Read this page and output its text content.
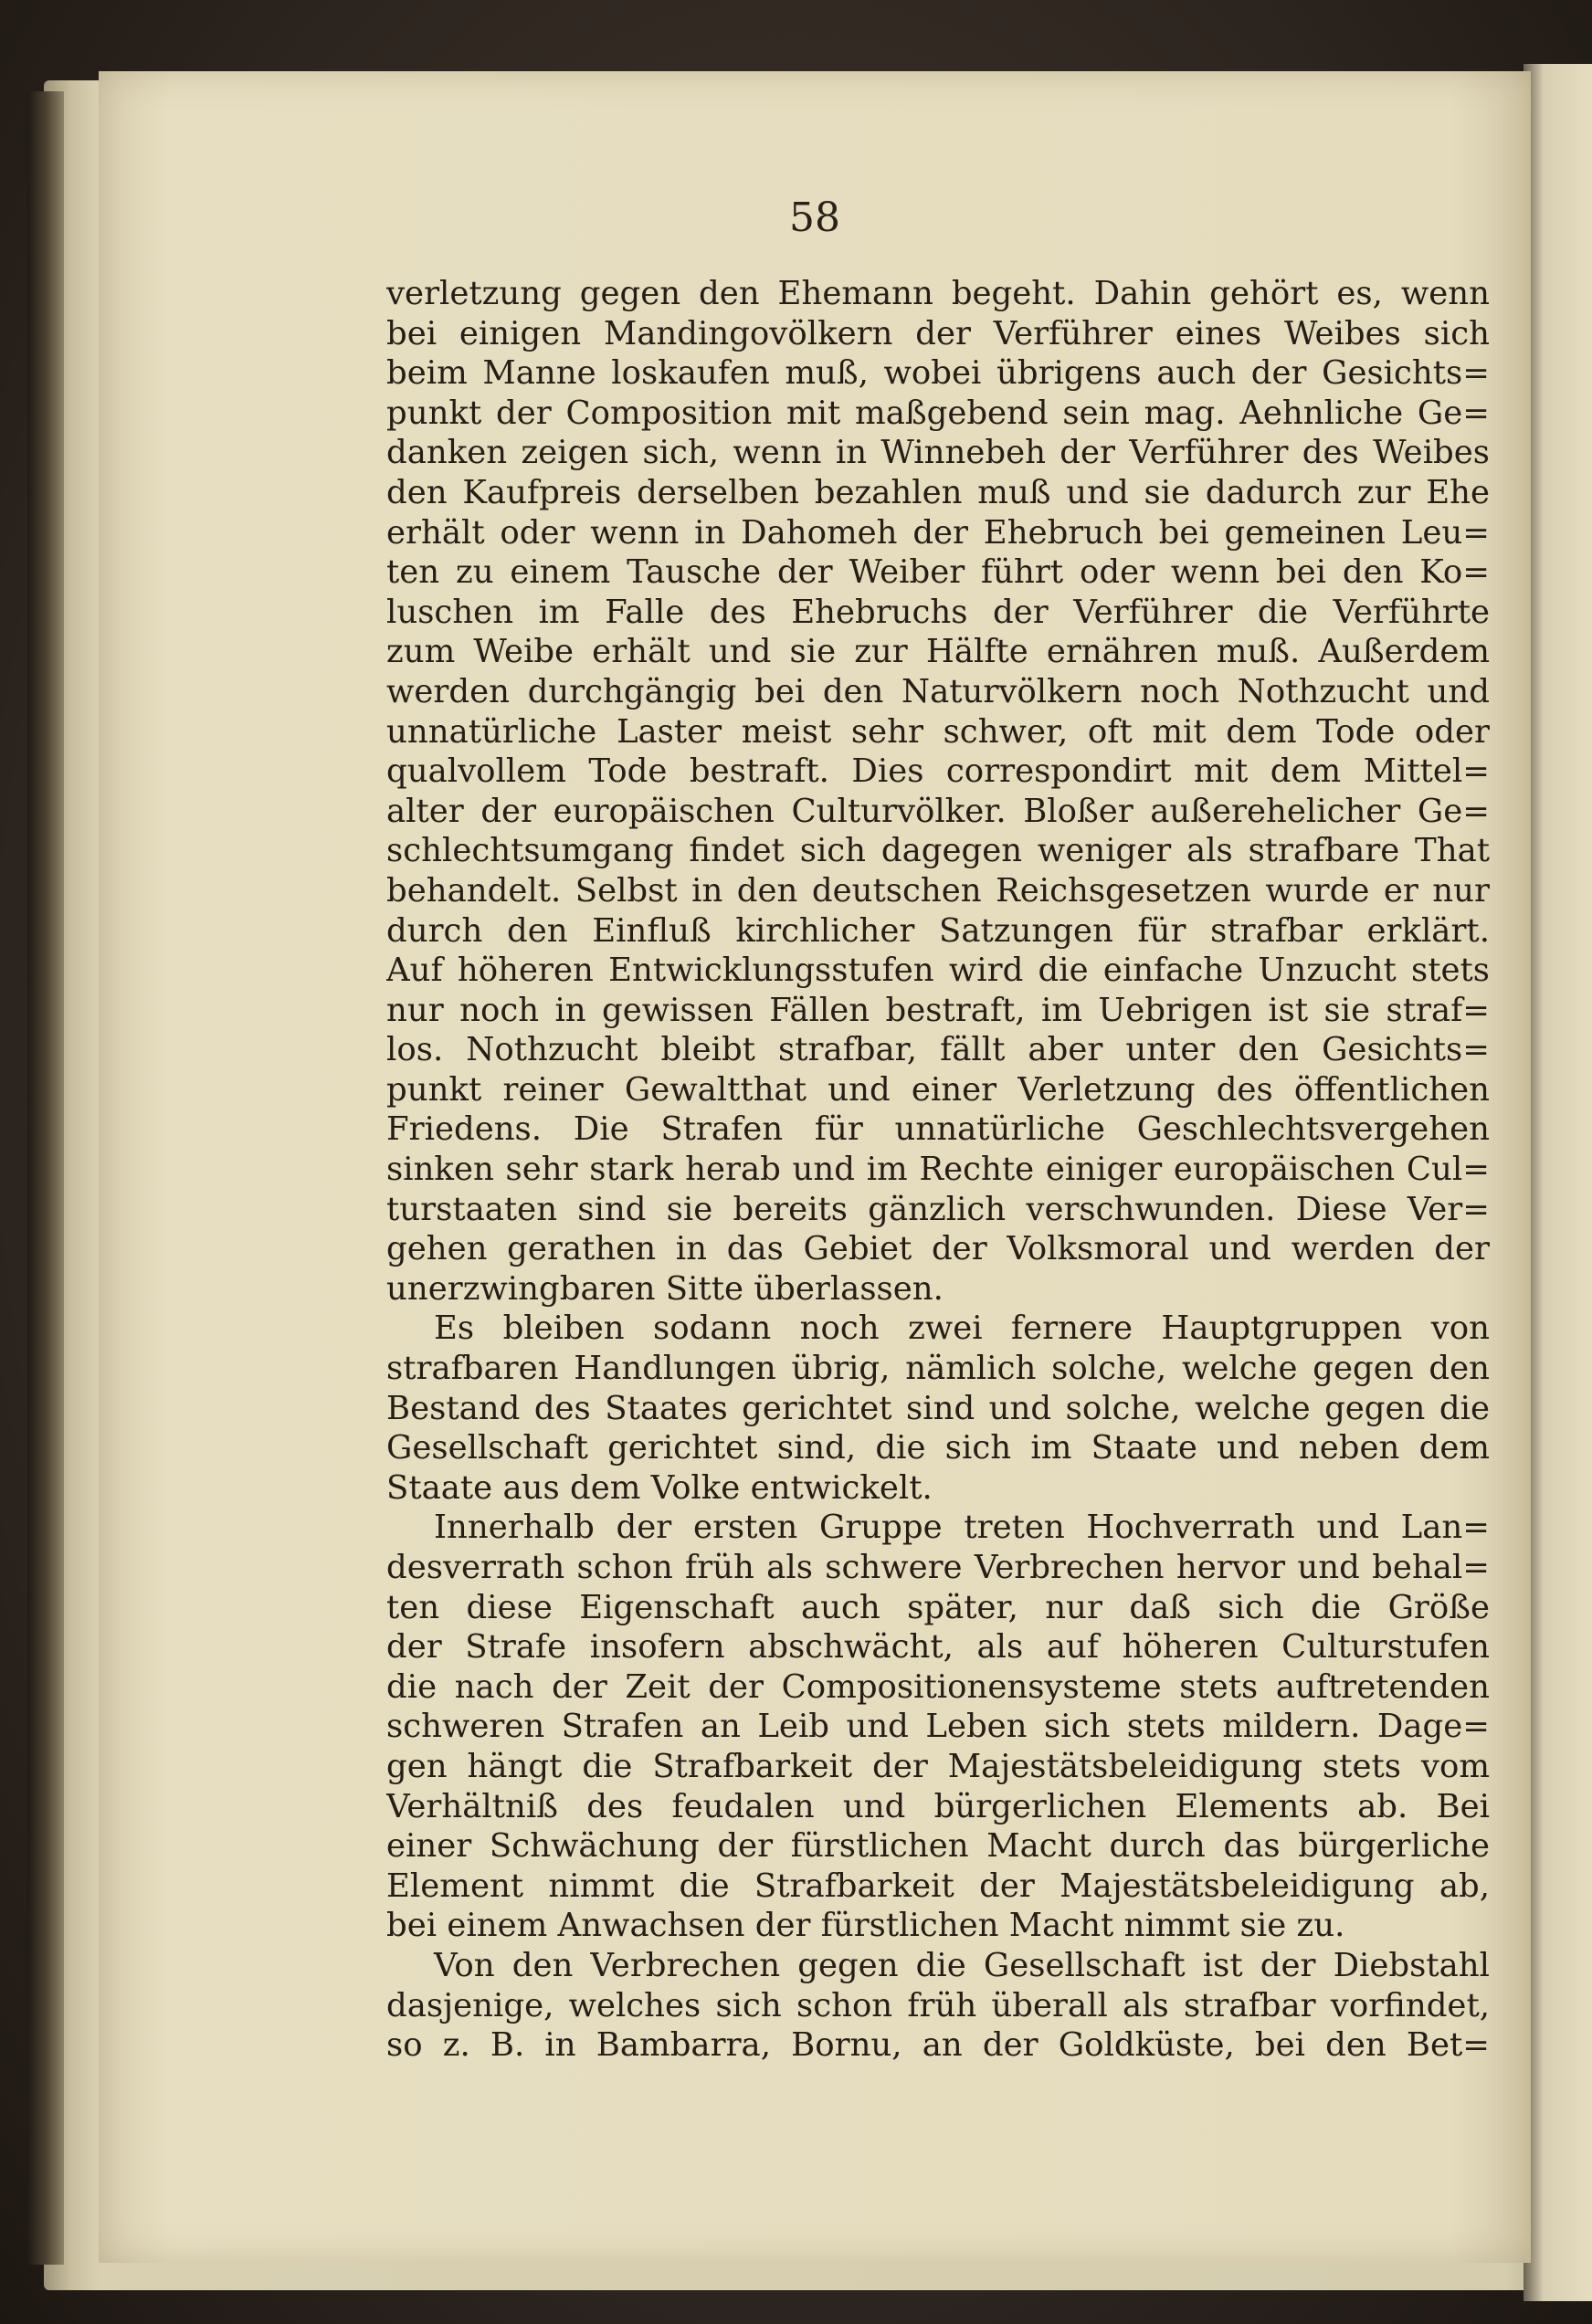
58
verletzung gegen den Ehemann begeht. Dahin gehört es, wenn
bei einigen Mandingovölkern der Verführer eines Weibes sich
beim Manne loskaufen muß, wobei übrigens auch der Gesichts=
punkt der Composition mit maßgebend sein mag. Aehnliche Ge=
danken zeigen sich, wenn in Winnebeh der Verführer des Weibes
den Kaufpreis derselben bezahlen muß und sie dadurch zur Ehe
erhält oder wenn in Dahomeh der Ehebruch bei gemeinen Leu=
ten zu einem Tausche der Weiber führt oder wenn bei den Ko=
luschen im Falle des Ehebruchs der Verführer die Verführte
zum Weibe erhält und sie zur Hälfte ernähren muß. Außerdem
werden durchgängig bei den Naturvölkern noch Nothzucht und
unnatürliche Laster meist sehr schwer, oft mit dem Tode oder
qualvollem Tode bestraft. Dies correspondirt mit dem Mittel=
alter der europäischen Culturvölker. Bloßer außerehelicher Ge=
schlechtsumgang findet sich dagegen weniger als strafbare That
behandelt. Selbst in den deutschen Reichsgesetzen wurde er nur
durch den Einfluß kirchlicher Satzungen für strafbar erklärt.
Auf höheren Entwicklungsstufen wird die einfache Unzucht stets
nur noch in gewissen Fällen bestraft, im Uebrigen ist sie straf=
los. Nothzucht bleibt strafbar, fällt aber unter den Gesichts=
punkt reiner Gewaltthat und einer Verletzung des öffentlichen
Friedens. Die Strafen für unnatürliche Geschlechtsvergehen
sinken sehr stark herab und im Rechte einiger europäischen Cul=
turstaaten sind sie bereits gänzlich verschwunden. Diese Ver=
gehen gerathen in das Gebiet der Volksmoral und werden der
unerzwingbaren Sitte überlassen.
Es bleiben sodann noch zwei fernere Hauptgruppen von
strafbaren Handlungen übrig, nämlich solche, welche gegen den
Bestand des Staates gerichtet sind und solche, welche gegen die
Gesellschaft gerichtet sind, die sich im Staate und neben dem
Staate aus dem Volke entwickelt.
Innerhalb der ersten Gruppe treten Hochverrath und Lan=
desverrath schon früh als schwere Verbrechen hervor und behal=
ten diese Eigenschaft auch später, nur daß sich die Größe
der Strafe insofern abschwächt, als auf höheren Culturstufen
die nach der Zeit der Compositionensysteme stets auftretenden
schweren Strafen an Leib und Leben sich stets mildern. Dage=
gen hängt die Strafbarkeit der Majestätsbeleidigung stets vom
Verhältniß des feudalen und bürgerlichen Elements ab. Bei
einer Schwächung der fürstlichen Macht durch das bürgerliche
Element nimmt die Strafbarkeit der Majestätsbeleidigung ab,
bei einem Anwachsen der fürstlichen Macht nimmt sie zu.
Von den Verbrechen gegen die Gesellschaft ist der Diebstahl
dasjenige, welches sich schon früh überall als strafbar vorfindet,
so z. B. in Bambarra, Bornu, an der Goldküste, bei den Bet=
